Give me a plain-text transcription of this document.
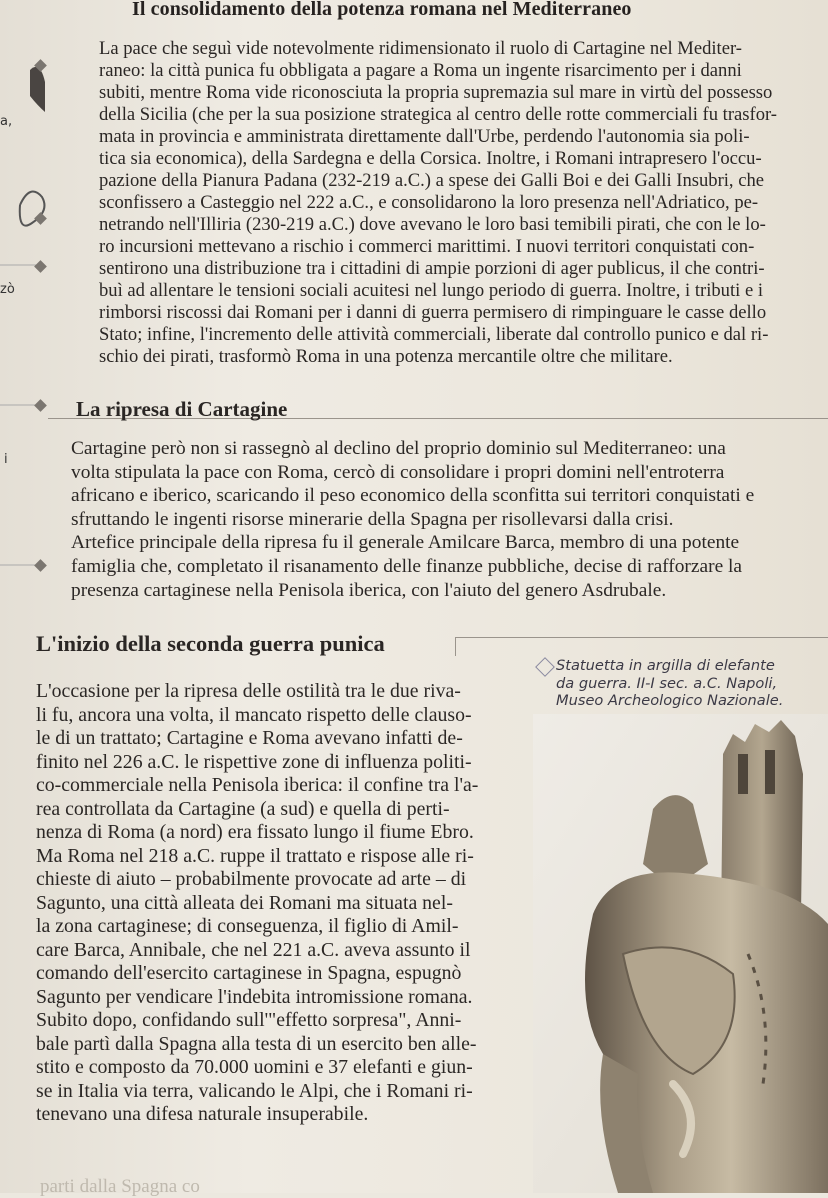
a,
zò
i
Il consolidamento della potenza romana nel Mediterraneo

La pace che seguì vide notevolmente ridimensionato il ruolo di Cartagine nel Mediter-
raneo: la città punica fu obbligata a pagare a Roma un ingente risarcimento per i danni
subiti, mentre Roma vide riconosciuta la propria supremazia sul mare in virtù del possesso
della Sicilia (che per la sua posizione strategica al centro delle rotte commerciali fu trasfor-
mata in provincia e amministrata direttamente dall'Urbe, perdendo l'autonomia sia poli-
tica sia economica), della Sardegna e della Corsica. Inoltre, i Romani intrapresero l'occu-
pazione della Pianura Padana (232-219 a.C.) a spese dei Galli Boi e dei Galli Insubri, che
sconfissero a Casteggio nel 222 a.C., e consolidarono la loro presenza nell'Adriatico, pe-
netrando nell'Illiria (230-219 a.C.) dove avevano le loro basi temibili pirati, che con le lo-
ro incursioni mettevano a rischio i commerci marittimi. I nuovi territori conquistati con-
sentirono una distribuzione tra i cittadini di ampie porzioni di ager publicus, il che contri-
buì ad allentare le tensioni sociali acuitesi nel lungo periodo di guerra. Inoltre, i tributi e i
rimborsi riscossi dai Romani per i danni di guerra permisero di rimpinguare le casse dello
Stato; infine, l'incremento delle attività commerciali, liberate dal controllo punico e dal ri-
schio dei pirati, trasformò Roma in una potenza mercantile oltre che militare.

La ripresa di Cartagine

Cartagine però non si rassegnò al declino del proprio dominio sul Mediterraneo: una
volta stipulata la pace con Roma, cercò di consolidare i propri domini nell'entroterra
africano e iberico, scaricando il peso economico della sconfitta sui territori conquistati e
sfruttando le ingenti risorse minerarie della Spagna per risollevarsi dalla crisi.
Artefice principale della ripresa fu il generale Amilcare Barca, membro di una potente
famiglia che, completato il risanamento delle finanze pubbliche, decise di rafforzare la
presenza cartaginese nella Penisola iberica, con l'aiuto del genero Asdrubale.

L'inizio della seconda guerra punica
Statuetta in argilla di elefante
da guerra. II-I sec. a.C. Napoli,
Museo Archeologico Nazionale.

L'occasione per la ripresa delle ostilità tra le due riva-
li fu, ancora una volta, il mancato rispetto delle clauso-
le di un trattato; Cartagine e Roma avevano infatti de-
finito nel 226 a.C. le rispettive zone di influenza politi-
co-commerciale nella Penisola iberica: il confine tra l'a-
rea controllata da Cartagine (a sud) e quella di perti-
nenza di Roma (a nord) era fissato lungo il fiume Ebro.
Ma Roma nel 218 a.C. ruppe il trattato e rispose alle ri-
chieste di aiuto – probabilmente provocate ad arte – di
Sagunto, una città alleata dei Romani ma situata nel-
la zona cartaginese; di conseguenza, il figlio di Amil-
care Barca, Annibale, che nel 221 a.C. aveva assunto il
comando dell'esercito cartaginese in Spagna, espugnò
Sagunto per vendicare l'indebita intromissione romana.
Subito dopo, confidando sull'"effetto sorpresa", Anni-
bale partì dalla Spagna alla testa di un esercito ben alle-
stito e composto da 70.000 uomini e 37 elefanti e giun-
se in Italia via terra, valicando le Alpi, che i Romani ri-
tenevano una difesa naturale insuperabile.

parti dalla Spagna co
